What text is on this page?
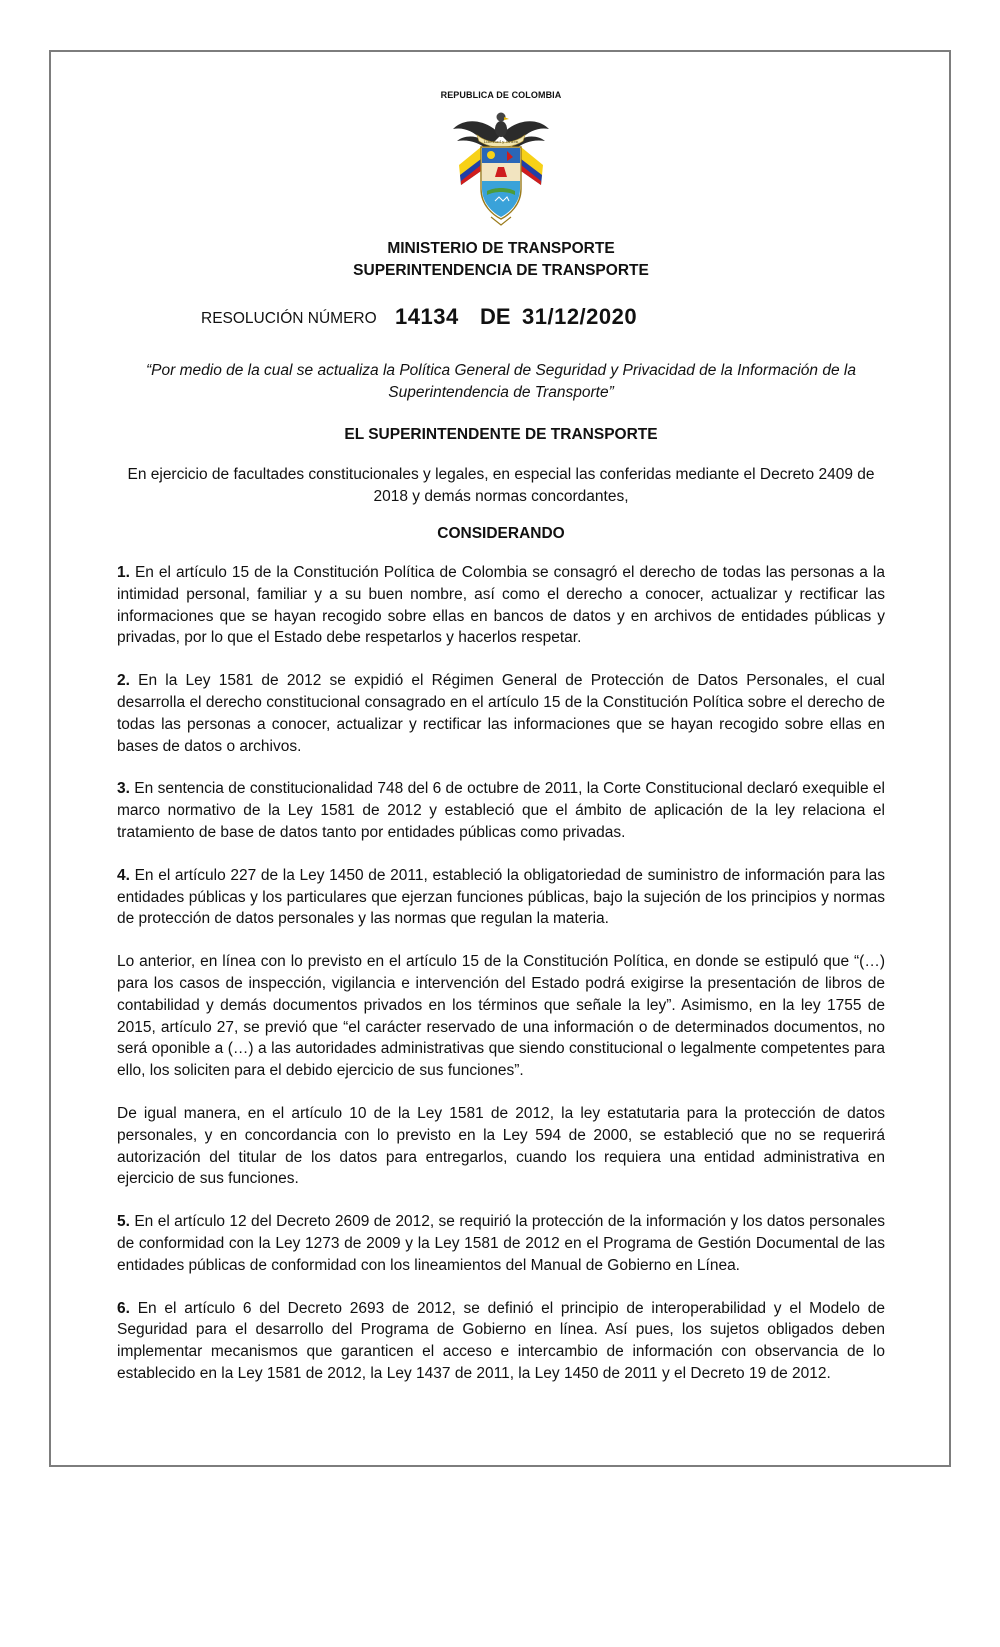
REPUBLICA DE COLOMBIA

Libertad y Orden
MINISTERIO DE TRANSPORTE
SUPERINTENDENCIA DE TRANSPORTE
RESOLUCIÓN NÚMERO 14134 DE 31/12/2020
“Por medio de la cual se actualiza la Política General de Seguridad y Privacidad de la Información de la Superintendencia de Transporte”
EL SUPERINTENDENTE DE TRANSPORTE
En ejercicio de facultades constitucionales y legales, en especial las conferidas mediante el Decreto 2409 de 2018 y demás normas concordantes,
CONSIDERANDO

1. En el artículo 15 de la Constitución Política de Colombia se consagró el derecho de todas las personas a la intimidad personal, familiar y a su buen nombre, así como el derecho a conocer, actualizar y rectificar las informaciones que se hayan recogido sobre ellas en bancos de datos y en archivos de entidades públicas y privadas, por lo que el Estado debe respetarlos y hacerlos respetar.

2. En la Ley 1581 de 2012 se expidió el Régimen General de Protección de Datos Personales, el cual desarrolla el derecho constitucional consagrado en el artículo 15 de la Constitución Política sobre el derecho de todas las personas a conocer, actualizar y rectificar las informaciones que se hayan recogido sobre ellas en bases de datos o archivos.

3. En sentencia de constitucionalidad 748 del 6 de octubre de 2011, la Corte Constitucional declaró exequible el marco normativo de la Ley 1581 de 2012 y estableció que el ámbito de aplicación de la ley relaciona el tratamiento de base de datos tanto por entidades públicas como privadas.

4. En el artículo 227 de la Ley 1450 de 2011, estableció la obligatoriedad de suministro de información para las entidades públicas y los particulares que ejerzan funciones públicas, bajo la sujeción de los principios y normas de protección de datos personales y las normas que regulan la materia.

Lo anterior, en línea con lo previsto en el artículo 15 de la Constitución Política, en donde se estipuló que “(…) para los casos de inspección, vigilancia e intervención del Estado podrá exigirse la presentación de libros de contabilidad y demás documentos privados en los términos que señale la ley”. Asimismo, en la ley 1755 de 2015, artículo 27, se previó que “el carácter reservado de una información o de determinados documentos, no será oponible a (…) a las autoridades administrativas que siendo constitucional o legalmente competentes para ello, los soliciten para el debido ejercicio de sus funciones”.

De igual manera, en el artículo 10 de la Ley 1581 de 2012, la ley estatutaria para la protección de datos personales, y en concordancia con lo previsto en la Ley 594 de 2000, se estableció que no se requerirá autorización del titular de los datos para entregarlos, cuando los requiera una entidad administrativa en ejercicio de sus funciones.

5. En el artículo 12 del Decreto 2609 de 2012, se requirió la protección de la información y los datos personales de conformidad con la Ley 1273 de 2009 y la Ley 1581 de 2012 en el Programa de Gestión Documental de las entidades públicas de conformidad con los lineamientos del Manual de Gobierno en Línea.

6. En el artículo 6 del Decreto 2693 de 2012, se definió el principio de interoperabilidad y el Modelo de Seguridad para el desarrollo del Programa de Gobierno en línea. Así pues, los sujetos obligados deben implementar mecanismos que garanticen el acceso e intercambio de información con observancia de lo establecido en la Ley 1581 de 2012, la Ley 1437 de 2011, la Ley 1450 de 2011 y el Decreto 19 de 2012.
